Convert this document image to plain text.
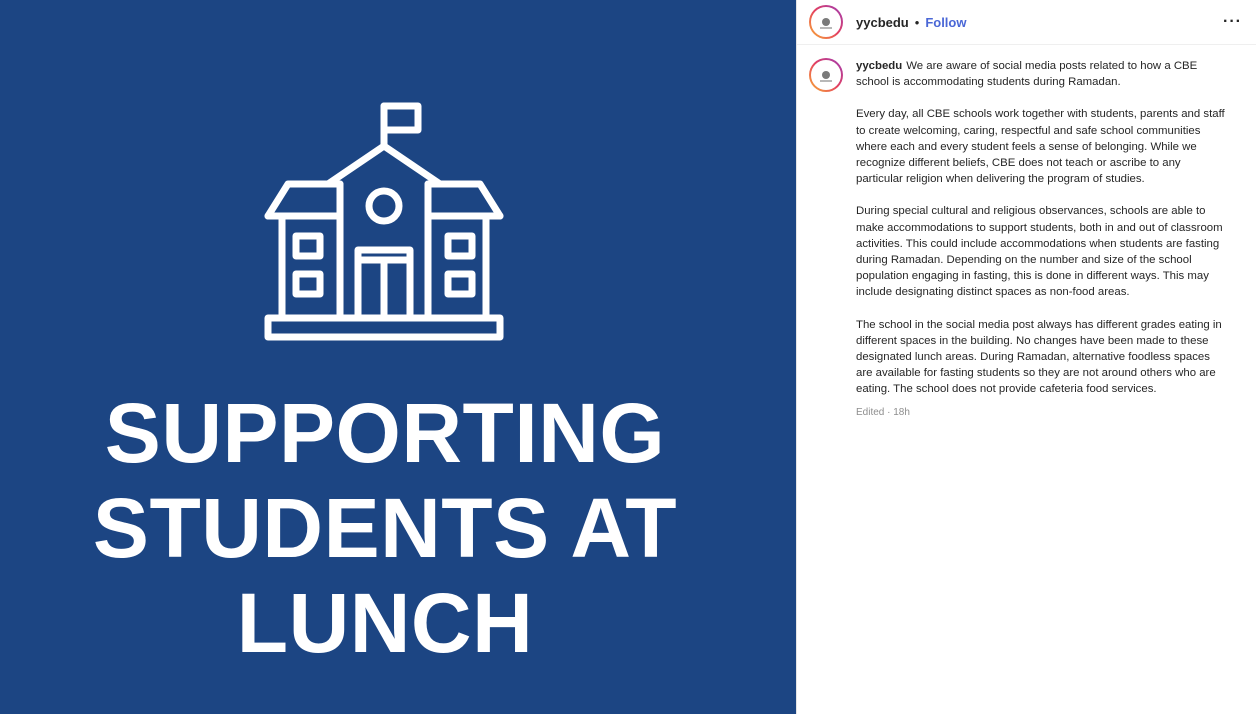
SUPPORTING
STUDENTS AT
LUNCH
yycbedu • Follow	···

yycbedu We are aware of social media posts related to how a CBE school is accommodating students during Ramadan.

Every day, all CBE schools work together with students, parents and staff to create welcoming, caring, respectful and safe school communities where each and every student feels a sense of belonging. While we recognize different beliefs, CBE does not teach or ascribe to any particular religion when delivering the program of studies.

During special cultural and religious observances, schools are able to make accommodations to support students, both in and out of classroom activities. This could include accommodations when students are fasting during Ramadan. Depending on the number and size of the school population engaging in fasting, this is done in different ways. This may include designating distinct spaces as non-food areas.

The school in the social media post always has different grades eating in different spaces in the building. No changes have been made to these designated lunch areas. During Ramadan, alternative foodless spaces are available for fasting students so they are not around others who are eating. The school does not provide cafeteria food services.

Edited · 18h
